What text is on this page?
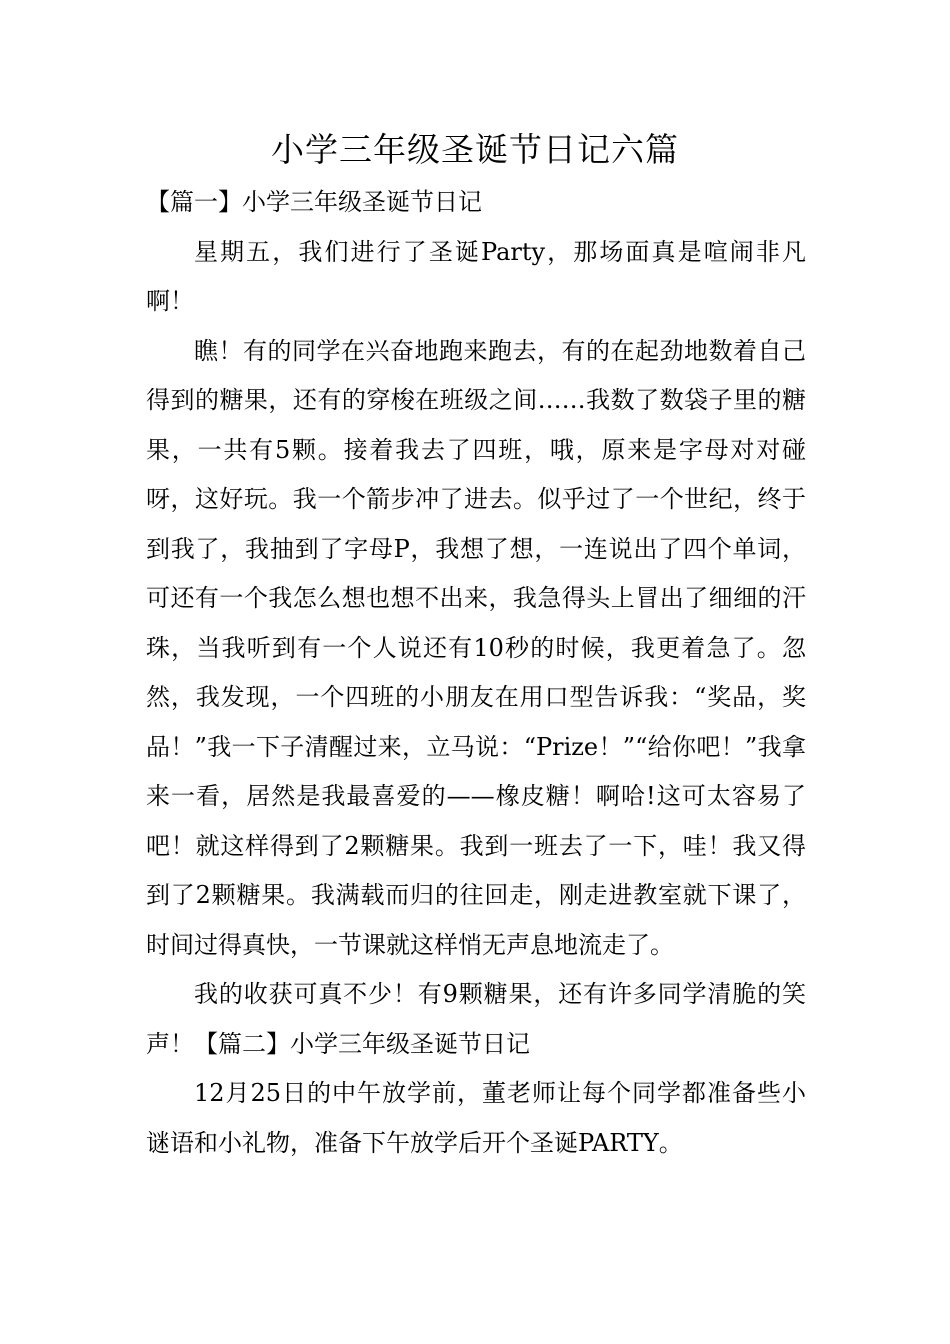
小学三年级圣诞节日记六篇

【篇一】小学三年级圣诞节日记

星期五，我们进行了圣诞Party，那场面真是喧闹非凡啊！

瞧！有的同学在兴奋地跑来跑去，有的在起劲地数着自己得到的糖果，还有的穿梭在班级之间……我数了数袋子里的糖果，一共有5颗。接着我去了四班，哦，原来是字母对对碰呀，这好玩。我一个箭步冲了进去。似乎过了一个世纪，终于到我了，我抽到了字母P，我想了想，一连说出了四个单词，可还有一个我怎么想也想不出来，我急得头上冒出了细细的汗珠，当我听到有一个人说还有10秒的时候，我更着急了。忽然，我发现，一个四班的小朋友在用口型告诉我：“奖品，奖品！”我一下子清醒过来，立马说：“Prize！”“给你吧！”我拿来一看，居然是我最喜爱的——橡皮糖！啊哈!这可太容易了吧！就这样得到了2颗糖果。我到一班去了一下，哇！我又得到了2颗糖果。我满载而归的往回走，刚走进教室就下课了，时间过得真快，一节课就这样悄无声息地流走了。

我的收获可真不少！有9颗糖果，还有许多同学清脆的笑声！【篇二】小学三年级圣诞节日记

12月25日的中午放学前，董老师让每个同学都准备些小谜语和小礼物，准备下午放学后开个圣诞PARTY。
